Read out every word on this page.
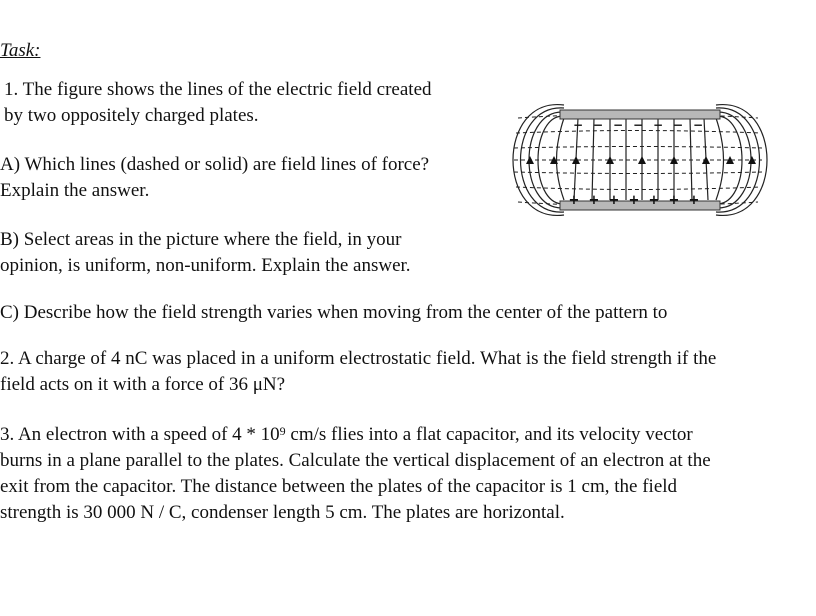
Task:
1. The figure shows the lines of the electric field created
by two oppositely charged plates.
A) Which lines (dashed or solid) are field lines of force?
Explain the answer.
B) Select areas in the picture where the field, in your
opinion, is uniform, non-uniform. Explain the answer.
C) Describe how the field strength varies when moving from the center of the pattern to
2. A charge of 4 nC was placed in a uniform electrostatic field. What is the field strength if the
field acts on it with a force of 36 μN?
3. An electron with a speed of $4 * 10^9$ cm/s flies into a flat capacitor, and its velocity vector
burns in a plane parallel to the plates. Calculate the vertical displacement of an electron at the
exit from the capacitor. The distance between the plates of the capacitor is 1 cm, the field
strength is 30 000 N / C, condenser length 5 cm. The plates are horizontal.
− − − − − − −
+ + + + + + +
